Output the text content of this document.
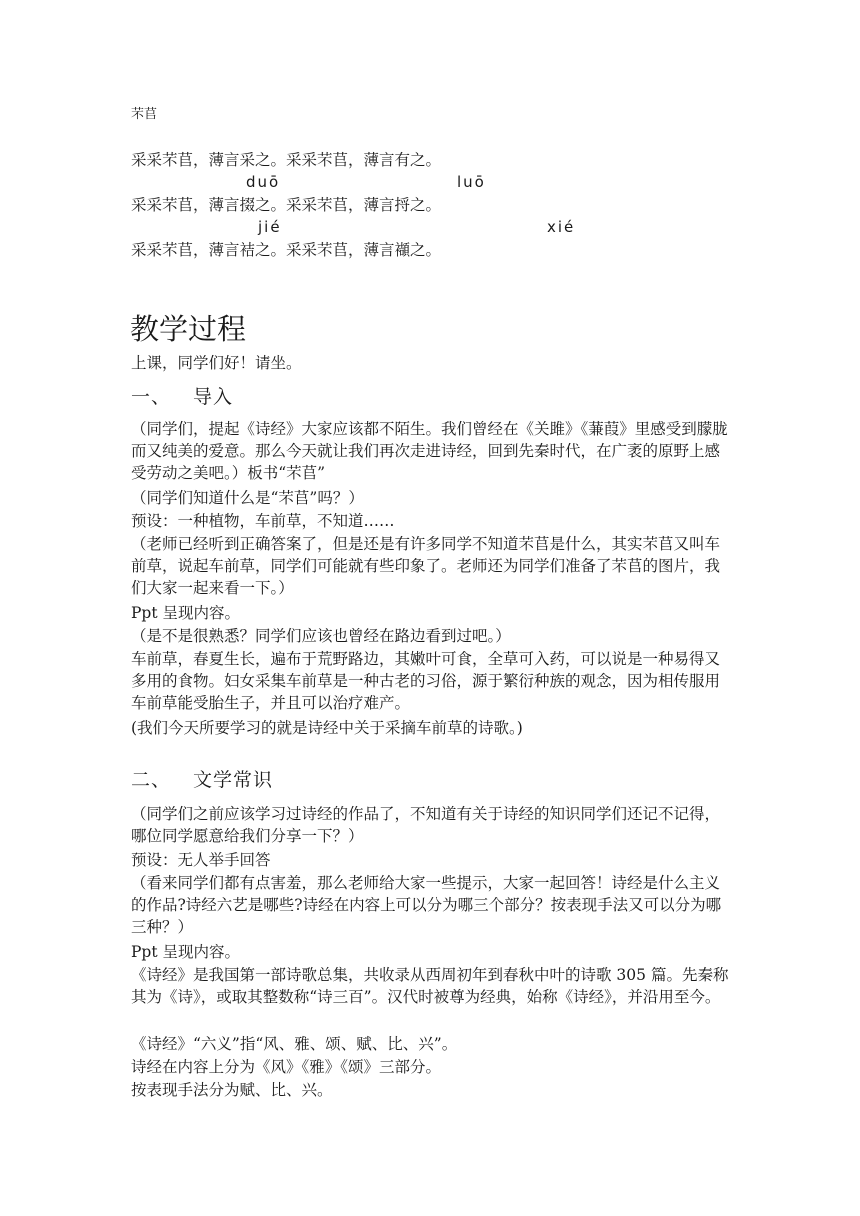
芣苢
采采芣苢，薄言采之。采采芣苢，薄言有之。
duō	luō
采采芣苢，薄言掇之。采采芣苢，薄言捋之。
jié	xié
采采芣苢，薄言袺之。采采芣苢，薄言襭之。
教学过程
上课，同学们好！请坐。
一、 导入
（同学们，提起《诗经》大家应该都不陌生。我们曾经在《关雎》《蒹葭》里感受到朦胧而又纯美的爱意。那么今天就让我们再次走进诗经，回到先秦时代，在广袤的原野上感受劳动之美吧。）板书“芣苢”
（同学们知道什么是“芣苢”吗？）
预设：一种植物，车前草，不知道……
（老师已经听到正确答案了，但是还是有许多同学不知道芣苢是什么，其实芣苢又叫车前草，说起车前草，同学们可能就有些印象了。老师还为同学们准备了芣苢的图片，我们大家一起来看一下。）
Ppt 呈现内容。
（是不是很熟悉？同学们应该也曾经在路边看到过吧。）
车前草，春夏生长，遍布于荒野路边，其嫩叶可食，全草可入药，可以说是一种易得又多用的食物。妇女采集车前草是一种古老的习俗，源于繁衍种族的观念，因为相传服用车前草能受胎生子，并且可以治疗难产。
(我们今天所要学习的就是诗经中关于采摘车前草的诗歌。)
二、 文学常识
（同学们之前应该学习过诗经的作品了，不知道有关于诗经的知识同学们还记不记得，哪位同学愿意给我们分享一下？）
预设：无人举手回答
（看来同学们都有点害羞，那么老师给大家一些提示，大家一起回答！诗经是什么主义的作品?诗经六艺是哪些?诗经在内容上可以分为哪三个部分？按表现手法又可以分为哪三种？）
Ppt 呈现内容。
《诗经》是我国第一部诗歌总集，共收录从西周初年到春秋中叶的诗歌 305 篇。先秦称其为《诗》，或取其整数称“诗三百”。汉代时被尊为经典，始称《诗经》，并沿用至今。
《诗经》“六义”指“风、雅、颂、赋、比、兴”。
诗经在内容上分为《风》《雅》《颂》三部分。
按表现手法分为赋、比、兴。
